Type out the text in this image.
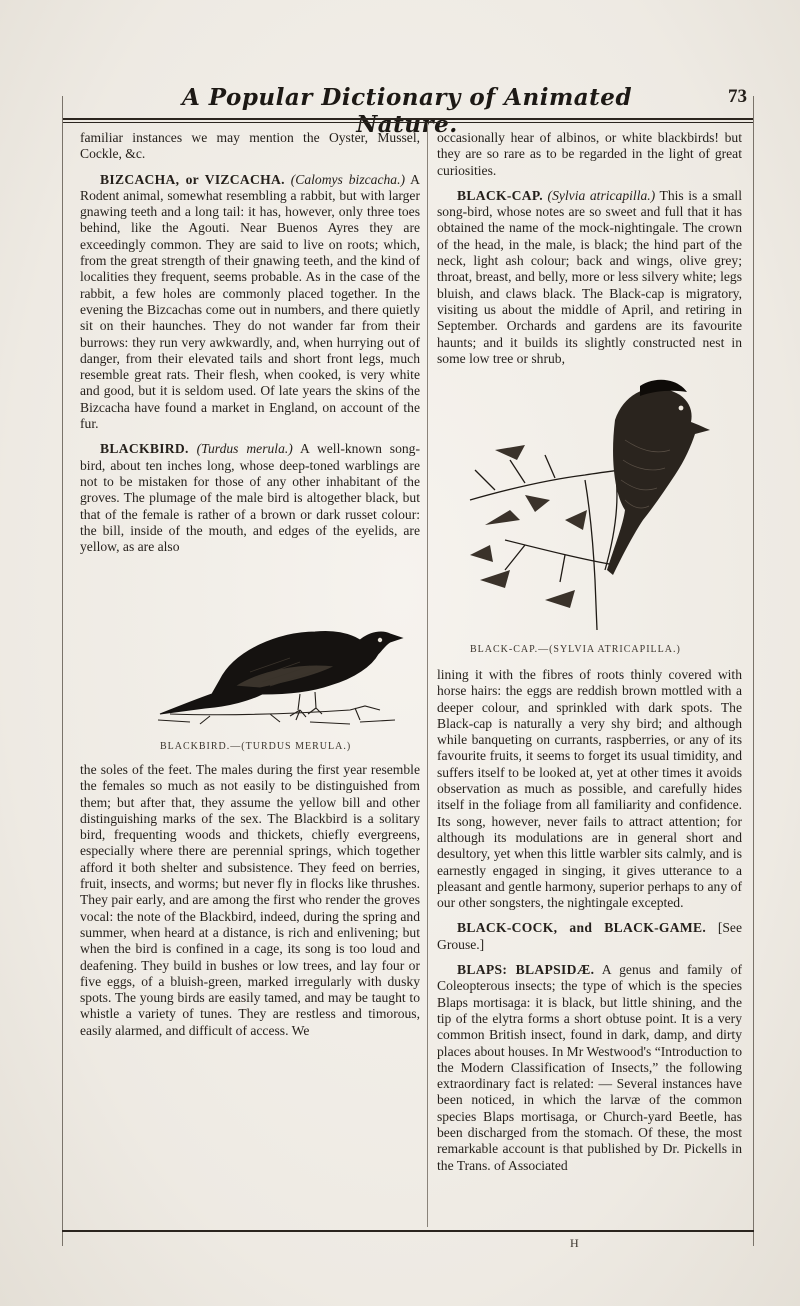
A Popular Dictionary of Animated Nature.
73
H

familiar instances we may mention the Oyster, Mussel, Cockle, &c.

BIZCACHA, or VIZCACHA. (Calomys bizcacha.) A Rodent animal, somewhat resembling a rabbit, but with larger gnawing teeth and a long tail: it has, however, only three toes behind, like the Agouti. Near Buenos Ayres they are exceedingly common. They are said to live on roots; which, from the great strength of their gnawing teeth, and the kind of localities they frequent, seems probable. As in the case of the rabbit, a few holes are commonly placed together. In the evening the Bizcachas come out in numbers, and there quietly sit on their haunches. They do not wander far from their burrows: they run very awkwardly, and, when hurrying out of danger, from their elevated tails and short front legs, much resemble great rats. Their flesh, when cooked, is very white and good, but it is seldom used. Of late years the skins of the Bizcacha have found a market in England, on account of the fur.

BLACKBIRD. (Turdus merula.) A well-known song-bird, about ten inches long, whose deep-toned warblings are not to be mistaken for those of any other inhabitant of the groves. The plumage of the male bird is altogether black, but that of the female is rather of a brown or dark russet colour: the bill, inside of the mouth, and edges of the eyelids, are yellow, as are also

BLACKBIRD.—(TURDUS MERULA.)

the soles of the feet. The males during the first year resemble the females so much as not easily to be distinguished from them; but after that, they assume the yellow bill and other distinguishing marks of the sex. The Blackbird is a solitary bird, frequenting woods and thickets, chiefly evergreens, especially where there are perennial springs, which together afford it both shelter and subsistence. They feed on berries, fruit, insects, and worms; but never fly in flocks like thrushes. They pair early, and are among the first who render the groves vocal: the note of the Blackbird, indeed, during the spring and summer, when heard at a distance, is rich and enlivening; but when the bird is confined in a cage, its song is too loud and deafening. They build in bushes or low trees, and lay four or five eggs, of a bluish-green, marked irregularly with dusky spots. The young birds are easily tamed, and may be taught to whistle a variety of tunes. They are restless and timorous, easily alarmed, and difficult of access. We

occasionally hear of albinos, or white blackbirds! but they are so rare as to be regarded in the light of great curiosities.

BLACK-CAP. (Sylvia atricapilla.) This is a small song-bird, whose notes are so sweet and full that it has obtained the name of the mock-nightingale. The crown of the head, in the male, is black; the hind part of the neck, light ash colour; back and wings, olive grey; throat, breast, and belly, more or less silvery white; legs bluish, and claws black. The Black-cap is migratory, visiting us about the middle of April, and retiring in September. Orchards and gardens are its favourite haunts; and it builds its slightly constructed nest in some low tree or shrub,

BLACK-CAP.—(SYLVIA ATRICAPILLA.)

lining it with the fibres of roots thinly covered with horse hairs: the eggs are reddish brown mottled with a deeper colour, and sprinkled with dark spots. The Black-cap is naturally a very shy bird; and although while banqueting on currants, raspberries, or any of its favourite fruits, it seems to forget its usual timidity, and suffers itself to be looked at, yet at other times it avoids observation as much as possible, and carefully hides itself in the foliage from all familiarity and confidence. Its song, however, never fails to attract attention; for although its modulations are in general short and desultory, yet when this little warbler sits calmly, and is earnestly engaged in singing, it gives utterance to a pleasant and gentle harmony, superior perhaps to any of our other songsters, the nightingale excepted.

BLACK-COCK, and BLACK-GAME. [See Grouse.]

BLAPS: BLAPSIDÆ. A genus and family of Coleopterous insects; the type of which is the species Blaps mortisaga: it is black, but little shining, and the tip of the elytra forms a short obtuse point. It is a very common British insect, found in dark, damp, and dirty places about houses. In Mr Westwood's “Introduction to the Modern Classification of Insects,” the following extraordinary fact is related: — Several instances have been noticed, in which the larvæ of the common species Blaps mortisaga, or Church-yard Beetle, has been discharged from the stomach. Of these, the most remarkable account is that published by Dr. Pickells in the Trans. of Associated
